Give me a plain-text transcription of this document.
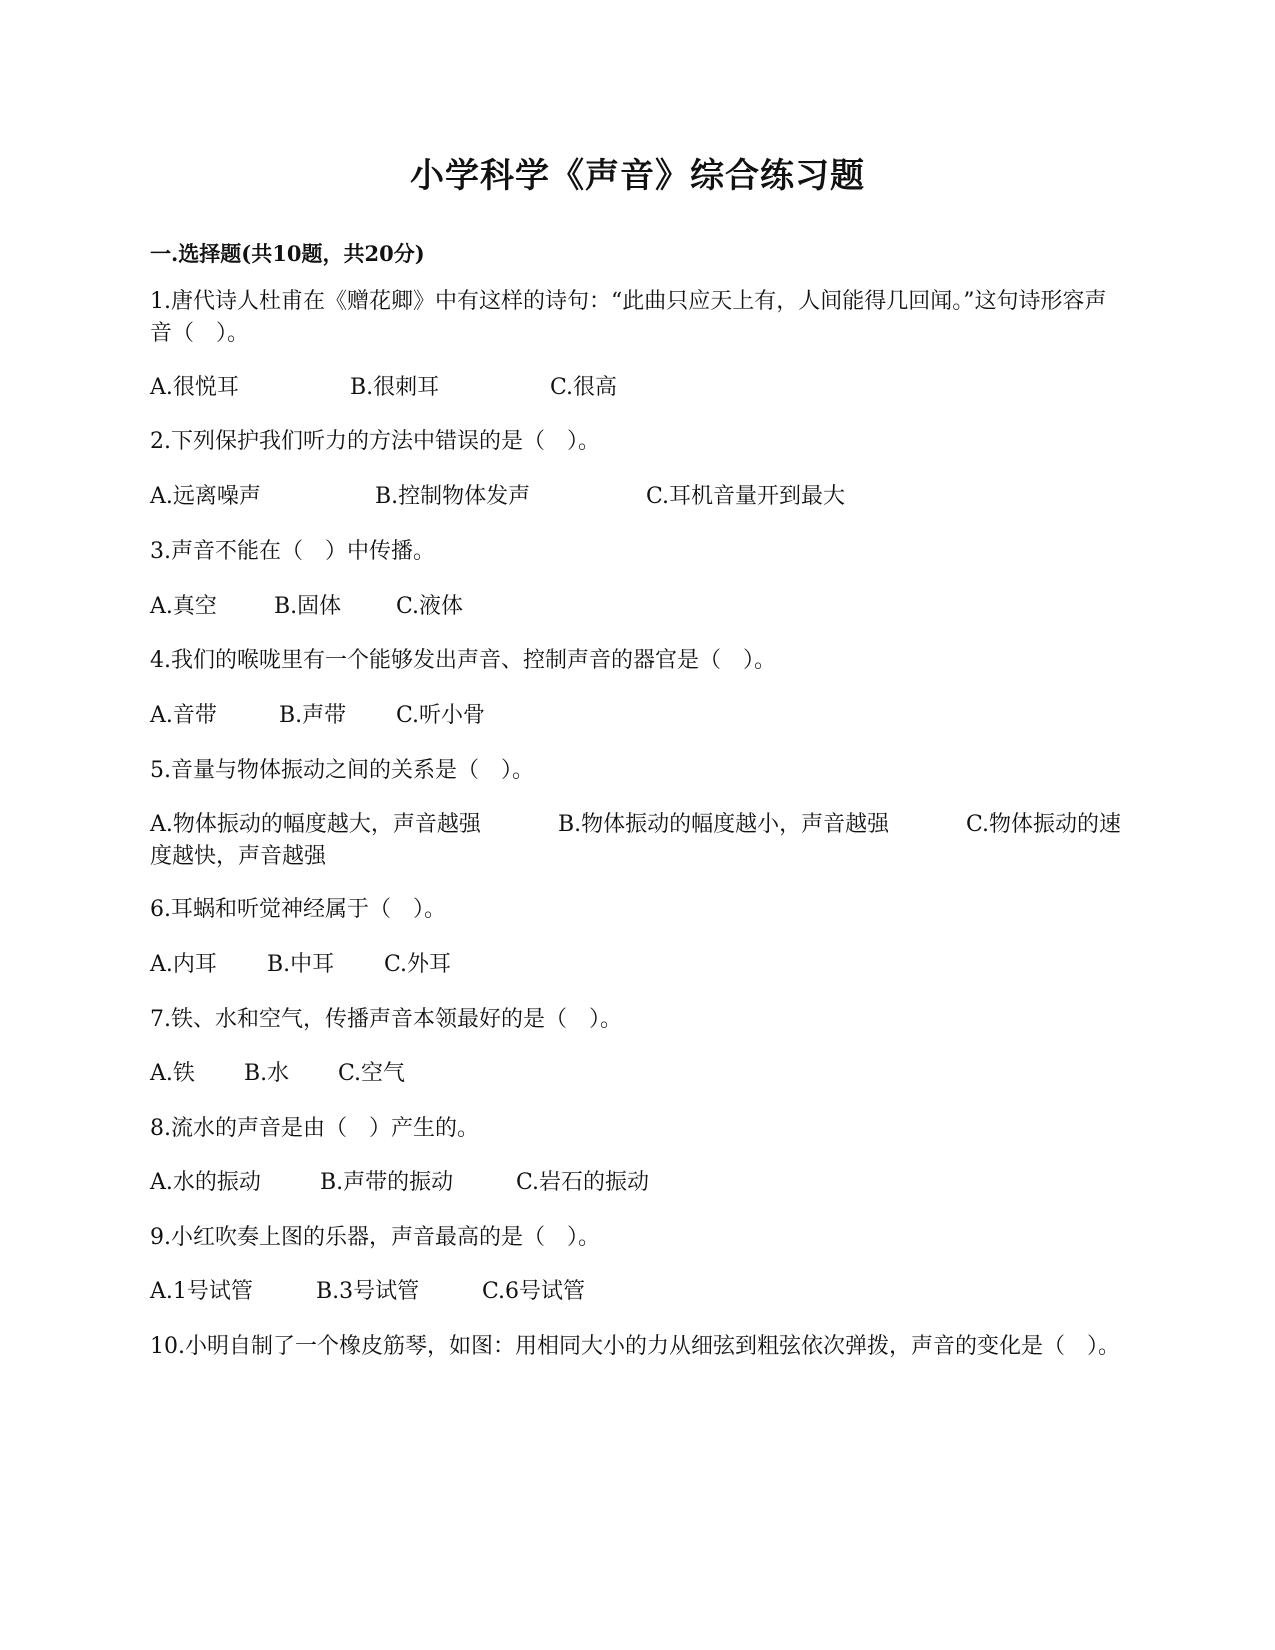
小学科学《声音》综合练习题
一.选择题(共10题，共20分)

1.唐代诗人杜甫在《赠花卿》中有这样的诗句：“此曲只应天上有，人间能得几回闻。”这句诗形容声音（　）。

A.很悦耳	B.很刺耳	C.很高

2.下列保护我们听力的方法中错误的是（　）。

A.远离噪声	B.控制物体发声	C.耳机音量开到最大

3.声音不能在（　）中传播。

A.真空	B.固体 C.液体

4.我们的喉咙里有一个能够发出声音、控制声音的器官是（　）。

A.音带	B.声带 C.听小骨

5.音量与物体振动之间的关系是（　）。

A.物体振动的幅度越大，声音越强	B.物体振动的幅度越小，声音越强	C.物体振动的速度越快，声音越强

6.耳蜗和听觉神经属于（　）。

A.内耳 B.中耳 C.外耳

7.铁、水和空气，传播声音本领最好的是（　）。

A.铁 B.水 C.空气

8.流水的声音是由（　）产生的。

A.水的振动	B.声带的振动	C.岩石的振动

9.小红吹奏上图的乐器，声音最高的是（　）。

A.1号试管	B.3号试管	C.6号试管

10.小明自制了一个橡皮筋琴，如图：用相同大小的力从细弦到粗弦依次弹拨，声音的变化是（　）。
